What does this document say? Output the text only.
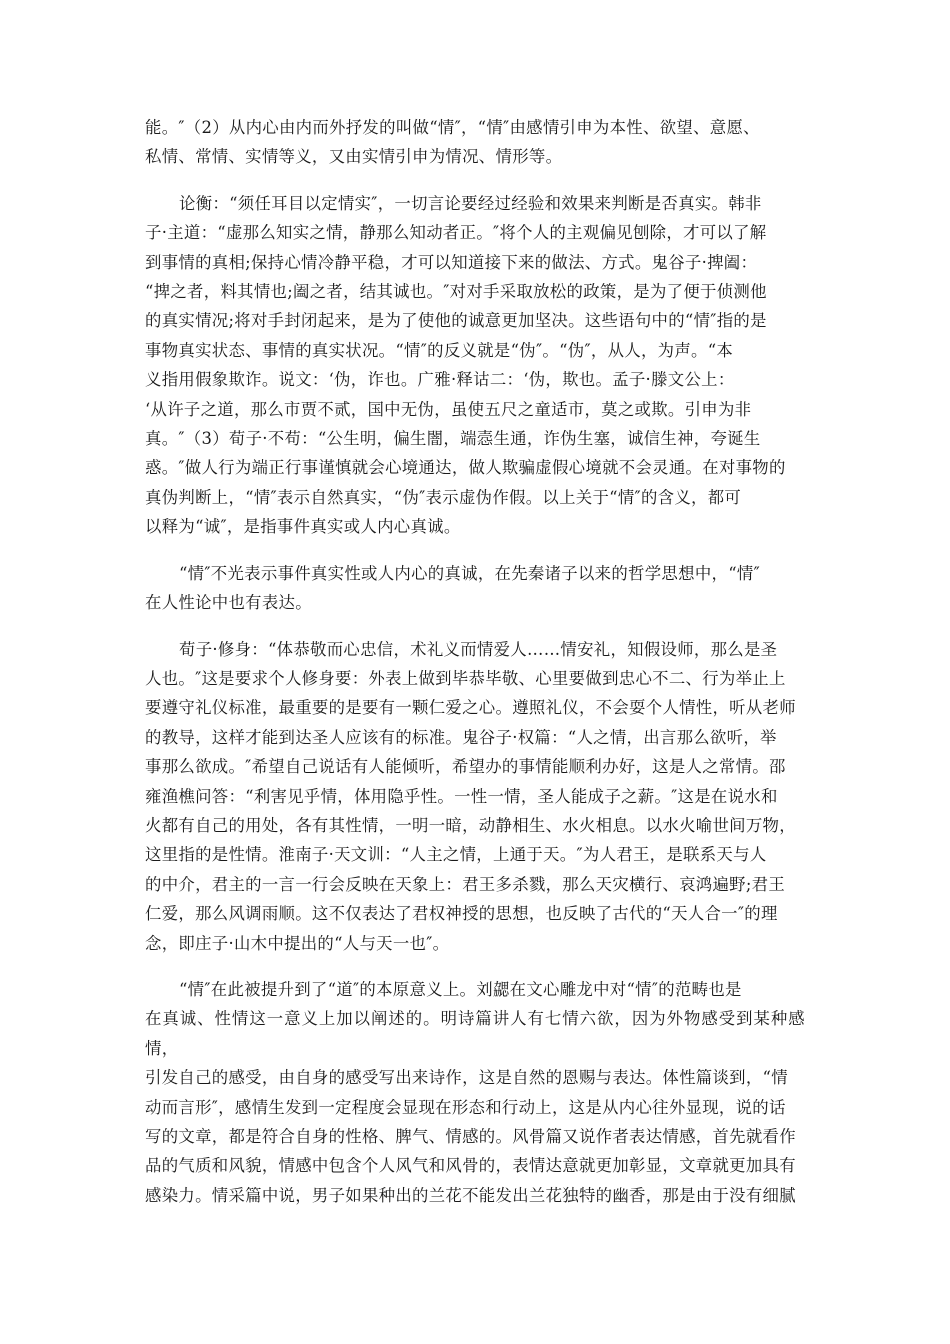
能。″（2）从内心由内而外抒发的叫做“情″，“情″由感情引申为本性、欲望、意愿、
私情、常情、实情等义，又由实情引申为情况、情形等。

论衡：“须任耳目以定情实″，一切言论要经过经验和效果来判断是否真实。韩非
子·主道：“虚那么知实之情，静那么知动者正。″将个人的主观偏见刨除，才可以了解
到事情的真相;保持心情冷静平稳，才可以知道接下来的做法、方式。鬼谷子·捭阖：
“捭之者，料其情也;阖之者，结其诚也。″对对手采取放松的政策，是为了便于侦测他
的真实情况;将对手封闭起来，是为了使他的诚意更加坚决。这些语句中的“情″指的是
事物真实状态、事情的真实状况。“情″的反义就是“伪″。“伪″，从人，为声。“本
义指用假象欺诈。说文：‘伪，诈也。广雅·释诂二：‘伪，欺也。孟子·滕文公上：
‘从许子之道，那么市贾不贰，国中无伪，虽使五尺之童适市，莫之或欺。引申为非
真。″（3）荀子·不苟：“公生明，偏生闇，端悫生通，诈伪生塞，诚信生神，夸诞生
惑。″做人行为端正行事谨慎就会心境通达，做人欺骗虚假心境就不会灵通。在对事物的
真伪判断上，“情″表示自然真实，“伪″表示虚伪作假。以上关于“情″的含义，都可
以释为“诚″，是指事件真实或人内心真诚。

“情″不光表示事件真实性或人内心的真诚，在先秦诸子以来的哲学思想中，“情″
在人性论中也有表达。

荀子·修身：“体恭敬而心忠信，术礼义而情爱人……情安礼，知假设师，那么是圣
人也。″这是要求个人修身要：外表上做到毕恭毕敬、心里要做到忠心不二、行为举止上
要遵守礼仪标准，最重要的是要有一颗仁爱之心。遵照礼仪，不会耍个人情性，听从老师
的教导，这样才能到达圣人应该有的标准。鬼谷子·权篇：“人之情，出言那么欲听，举
事那么欲成。″希望自己说话有人能倾听，希望办的事情能顺利办好，这是人之常情。邵
雍渔樵问答：“利害见乎情，体用隐乎性。一性一情，圣人能成子之薪。″这是在说水和
火都有自己的用处，各有其性情，一明一暗，动静相生、水火相息。以水火喻世间万物，
这里指的是性情。淮南子·天文训：“人主之情，上通于天。″为人君王，是联系天与人
的中介，君主的一言一行会反映在天象上：君王多杀戮，那么天灾横行、哀鸿遍野;君王
仁爱，那么风调雨顺。这不仅表达了君权神授的思想，也反映了古代的“天人合一″的理
念，即庄子·山木中提出的“人与天一也″。

“情″在此被提升到了“道″的本原意义上。刘勰在文心雕龙中对“情″的范畴也是
在真诚、性情这一意义上加以阐述的。明诗篇讲人有七情六欲，因为外物感受到某种感情，
引发自己的感受，由自身的感受写出来诗作，这是自然的恩赐与表达。体性篇谈到，“情
动而言形″，感情生发到一定程度会显现在形态和行动上，这是从内心往外显现，说的话
写的文章，都是符合自身的性格、脾气、情感的。风骨篇又说作者表达情感，首先就看作
品的气质和风貌，情感中包含个人风气和风骨的，表情达意就更加彰显，文章就更加具有
感染力。情采篇中说，男子如果种出的兰花不能发出兰花独特的幽香，那是由于没有细腻
